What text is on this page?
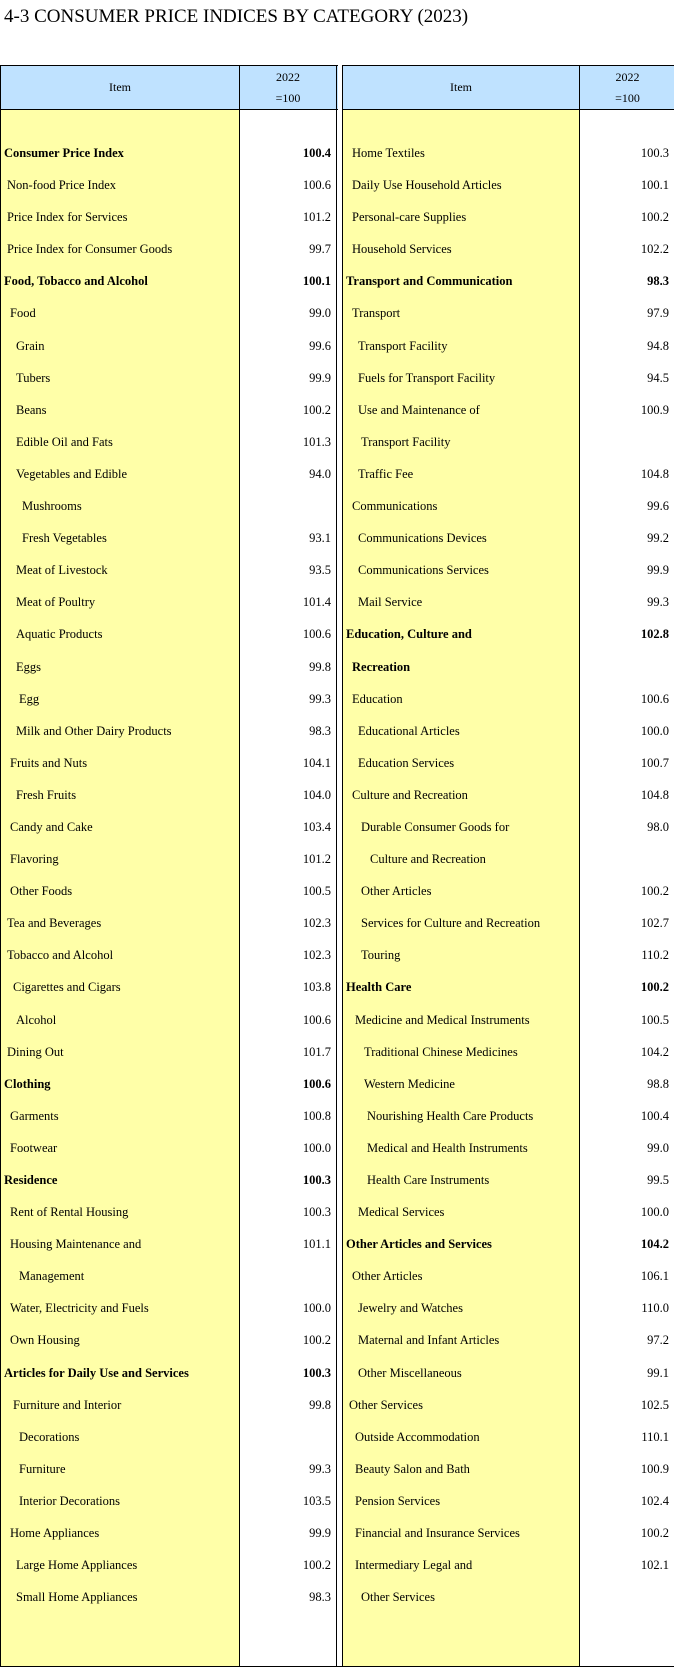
4-3 CONSUMER PRICE INDICES BY CATEGORY (2023)
Item
2022
=100
Consumer Price Index	100.4
Non-food Price Index	100.6
Price Index for Services	101.2
Price Index for Consumer Goods	99.7
Food, Tobacco and Alcohol	100.1
Food	99.0
Grain	99.6
Tubers	99.9
Beans	100.2
Edible Oil and Fats	101.3
Vegetables and Edible	94.0
Mushrooms
Fresh Vegetables	93.1
Meat of Livestock	93.5
Meat of Poultry	101.4
Aquatic Products	100.6
Eggs	99.8
Egg	99.3
Milk and Other Dairy Products	98.3
Fruits and Nuts	104.1
Fresh Fruits	104.0
Candy and Cake	103.4
Flavoring	101.2
Other Foods	100.5
Tea and Beverages	102.3
Tobacco and Alcohol	102.3
Cigarettes and Cigars	103.8
Alcohol	100.6
Dining Out	101.7
Clothing	100.6
Garments	100.8
Footwear	100.0
Residence	100.3
Rent of Rental Housing	100.3
Housing Maintenance and	101.1
Management
Water, Electricity and Fuels	100.0
Own Housing	100.2
Articles for Daily Use and Services	100.3
Furniture and Interior	99.8
Decorations
Furniture	99.3
Interior Decorations	103.5
Home Appliances	99.9
Large Home Appliances	100.2
Small Home Appliances	98.3
Item
2022
=100
Home Textiles	100.3
Daily Use Household Articles	100.1
Personal-care Supplies	100.2
Household Services	102.2
Transport and Communication	98.3
Transport	97.9
Transport Facility	94.8
Fuels for Transport Facility	94.5
Use and Maintenance of	100.9
Transport Facility
Traffic Fee	104.8
Communications	99.6
Communications Devices	99.2
Communications Services	99.9
Mail Service	99.3
Education, Culture and	102.8
Recreation
Education	100.6
Educational Articles	100.0
Education Services	100.7
Culture and Recreation	104.8
Durable Consumer Goods for	98.0
Culture and Recreation
Other Articles	100.2
Services for Culture and Recreation	102.7
Touring	110.2
Health Care	100.2
Medicine and Medical Instruments	100.5
Traditional Chinese Medicines	104.2
Western Medicine	98.8
Nourishing Health Care Products	100.4
Medical and Health Instruments	99.0
Health Care Instruments	99.5
Medical Services	100.0
Other Articles and Services	104.2
Other Articles	106.1
Jewelry and Watches	110.0
Maternal and Infant Articles	97.2
Other Miscellaneous	99.1
Other Services	102.5
Outside Accommodation	110.1
Beauty Salon and Bath	100.9
Pension Services	102.4
Financial and Insurance Services	100.2
Intermediary Legal and	102.1
Other Services
